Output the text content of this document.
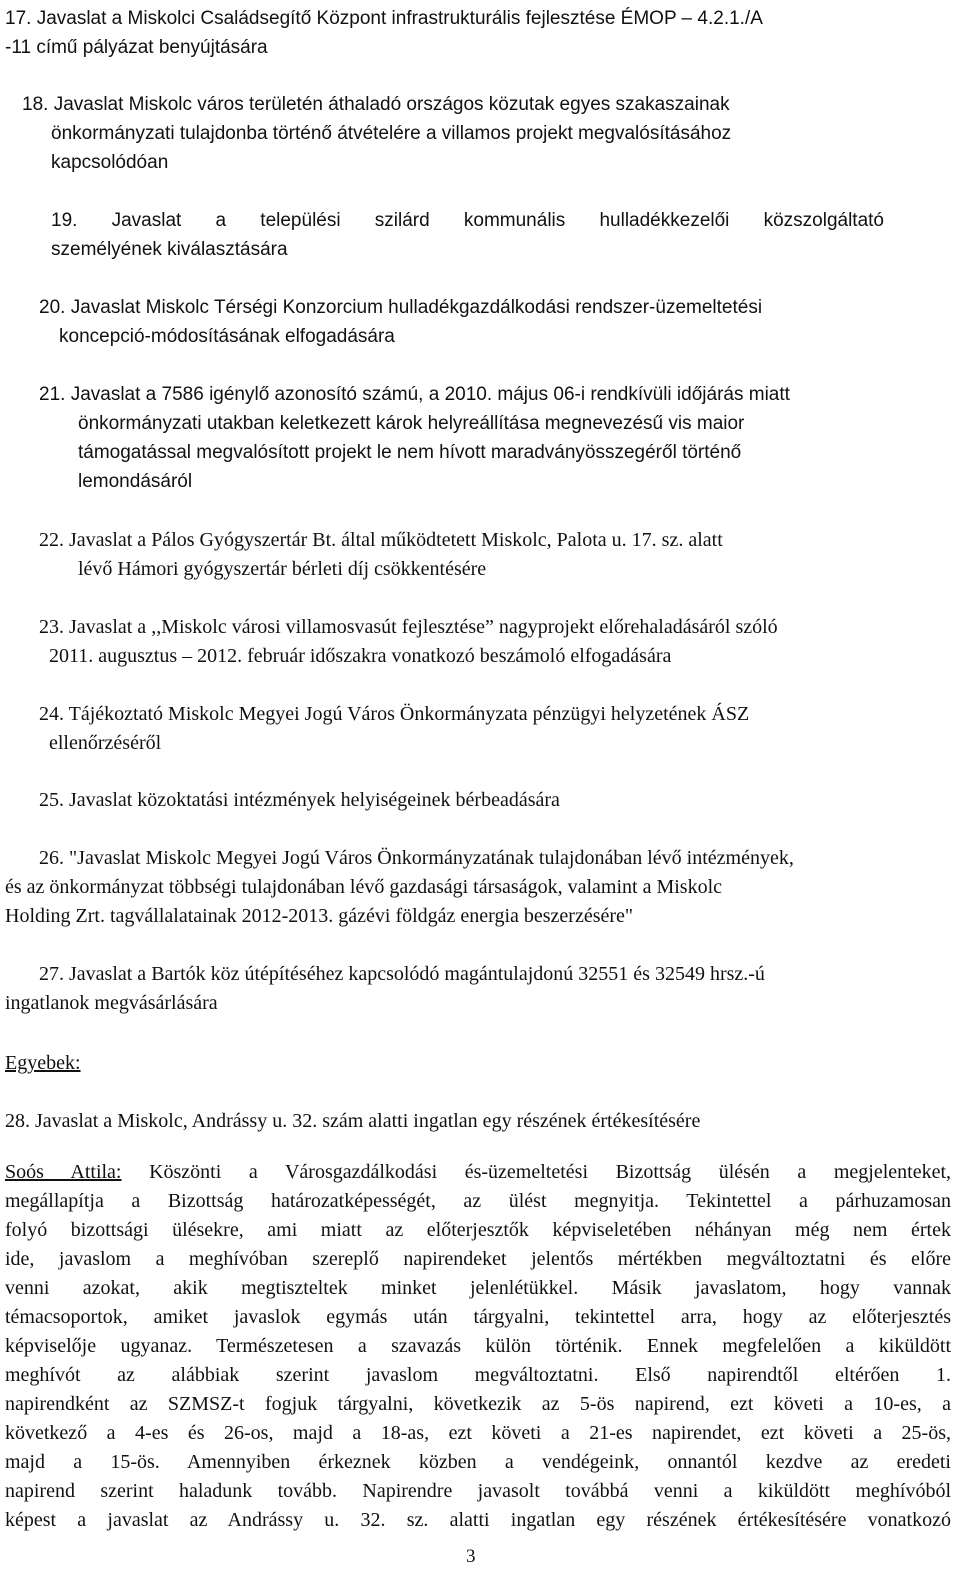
17. Javaslat a Miskolci Családsegítő Központ infrastrukturális fejlesztése ÉMOP – 4.2.1./A
-11 című pályázat benyújtására
18. Javaslat Miskolc város területén áthaladó országos közutak egyes szakaszainak
önkormányzati tulajdonba történő átvételére a villamos projekt megvalósításához
kapcsolódóan
19. Javaslat a települési szilárd kommunális hulladékkezelői közszolgáltató
személyének kiválasztására
20. Javaslat Miskolc Térségi Konzorcium hulladékgazdálkodási rendszer-üzemeltetési
koncepció-módosításának elfogadására
21. Javaslat a 7586 igénylő azonosító számú, a 2010. május 06-i rendkívüli időjárás miatt
önkormányzati utakban keletkezett károk helyreállítása megnevezésű vis maior
támogatással megvalósított projekt le nem hívott maradványösszegéről történő
lemondásáról
22. Javaslat a Pálos Gyógyszertár Bt. által működtetett Miskolc, Palota u. 17. sz. alatt
lévő Hámori gyógyszertár bérleti díj csökkentésére
23. Javaslat a ,,Miskolc városi villamosvasút fejlesztése” nagyprojekt előrehaladásáról szóló
2011. augusztus – 2012. február időszakra vonatkozó beszámoló elfogadására
24. Tájékoztató Miskolc Megyei Jogú Város Önkormányzata pénzügyi helyzetének ÁSZ
ellenőrzéséről
25. Javaslat közoktatási intézmények helyiségeinek bérbeadására
26. "Javaslat Miskolc Megyei Jogú Város Önkormányzatának tulajdonában lévő intézmények,
és az önkormányzat többségi tulajdonában lévő gazdasági társaságok, valamint a Miskolc
Holding Zrt. tagvállalatainak 2012-2013. gázévi földgáz energia beszerzésére"
27. Javaslat a Bartók köz útépítéséhez kapcsolódó magántulajdonú 32551 és 32549 hrsz.-ú
ingatlanok megvásárlására
Egyebek:
28. Javaslat a Miskolc, Andrássy u. 32. szám alatti ingatlan egy részének értékesítésére
Soós Attila: Köszönti a Városgazdálkodási és-üzemeltetési Bizottság ülésén a megjelenteket,
megállapítja a Bizottság határozatképességét, az ülést megnyitja. Tekintettel a párhuzamosan
folyó bizottsági ülésekre, ami miatt az előterjesztők képviseletében néhányan még nem értek
ide, javaslom a meghívóban szereplő napirendeket jelentős mértékben megváltoztatni és előre
venni azokat, akik megtiszteltek minket jelenlétükkel. Másik javaslatom, hogy vannak
témacsoportok, amiket javaslok egymás után tárgyalni, tekintettel arra, hogy az előterjesztés
képviselője ugyanaz. Természetesen a szavazás külön történik. Ennek megfelelően a kiküldött
meghívót az alábbiak szerint javaslom megváltoztatni. Első napirendtől eltérően 1.
napirendként az SZMSZ-t fogjuk tárgyalni, következik az 5-ös napirend, ezt követi a 10-es, a
következő a 4-es és 26-os, majd a 18-as, ezt követi a 21-es napirendet, ezt követi a 25-ös,
majd a 15-ös. Amennyiben érkeznek közben a vendégeink, onnantól kezdve az eredeti
napirend szerint haladunk tovább. Napirendre javasolt továbbá venni a kiküldött meghívóból
képest a javaslat az Andrássy u. 32. sz. alatti ingatlan egy részének értékesítésére vonatkozó
3
